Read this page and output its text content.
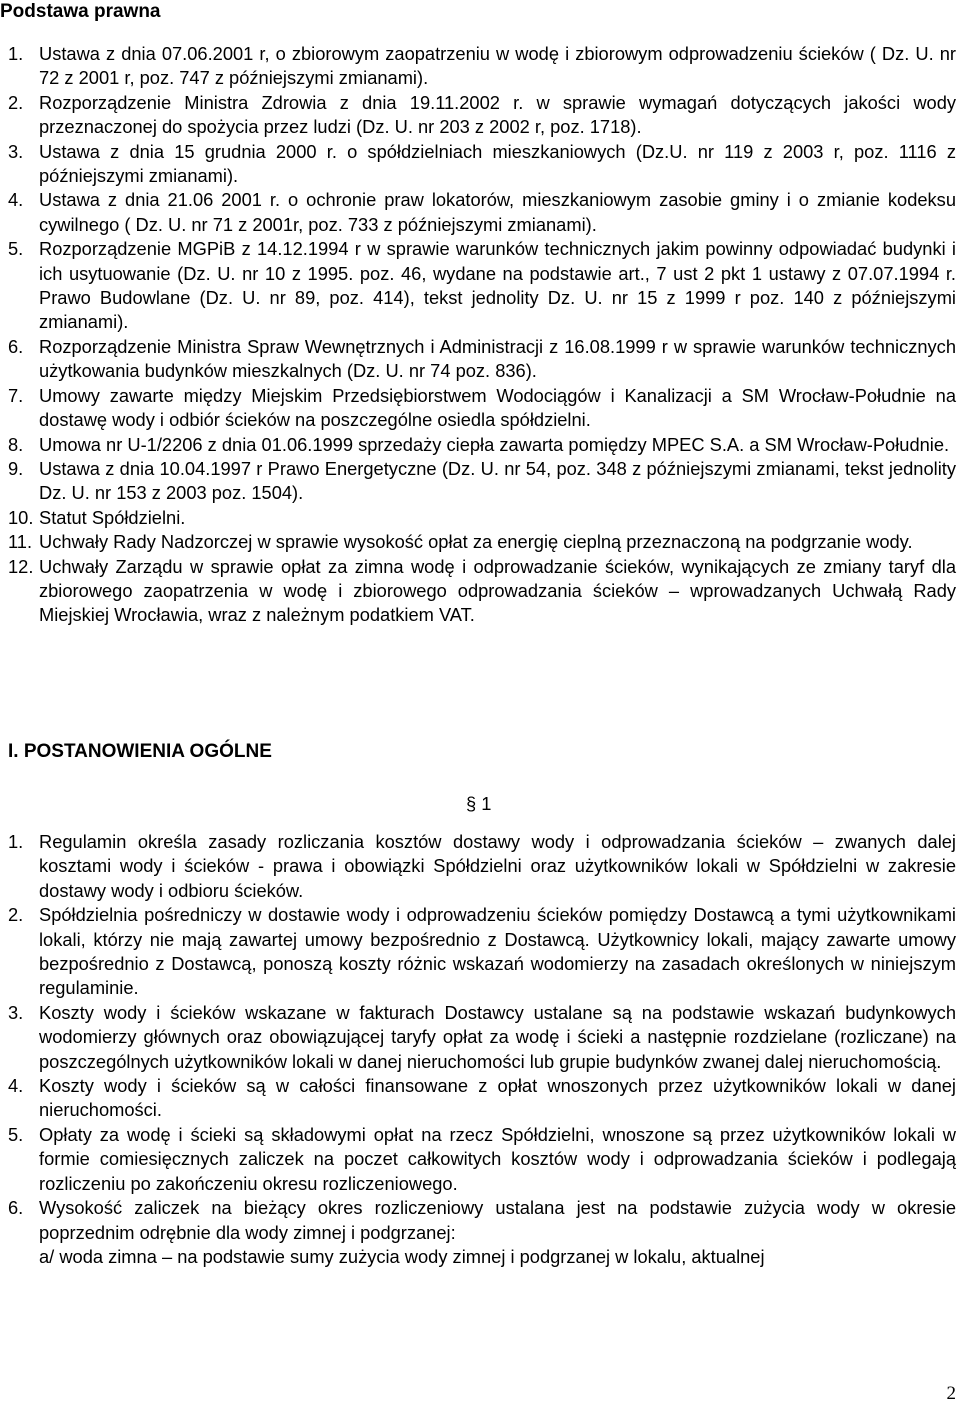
Podstawa prawna
1. Ustawa z dnia 07.06.2001 r, o zbiorowym zaopatrzeniu w wodę i zbiorowym odprowadzeniu ścieków ( Dz. U. nr 72 z 2001 r, poz. 747 z późniejszymi zmianami).
2. Rozporządzenie Ministra Zdrowia z dnia 19.11.2002 r. w sprawie wymagań dotyczących jakości wody przeznaczonej do spożycia przez ludzi (Dz. U. nr 203 z 2002 r, poz. 1718).
3. Ustawa z dnia 15 grudnia 2000 r. o spółdzielniach mieszkaniowych (Dz.U. nr 119 z 2003 r, poz. 1116 z późniejszymi zmianami).
4. Ustawa z dnia 21.06 2001 r. o ochronie praw lokatorów, mieszkaniowym zasobie gminy i o zmianie kodeksu cywilnego ( Dz. U. nr 71 z 2001r, poz. 733 z późniejszymi zmianami).
5. Rozporządzenie MGPiB z 14.12.1994 r w sprawie warunków technicznych jakim powinny odpowiadać budynki i ich usytuowanie (Dz. U. nr 10 z 1995. poz. 46, wydane na podstawie art., 7 ust 2 pkt 1 ustawy z 07.07.1994 r. Prawo Budowlane (Dz. U. nr 89, poz. 414), tekst jednolity Dz. U. nr 15 z 1999 r poz. 140 z późniejszymi zmianami).
6. Rozporządzenie Ministra Spraw Wewnętrznych i Administracji z 16.08.1999 r w sprawie warunków technicznych użytkowania budynków mieszkalnych (Dz. U. nr 74 poz. 836).
7. Umowy zawarte między Miejskim Przedsiębiorstwem Wodociągów i Kanalizacji a SM Wrocław-Południe na dostawę wody i odbiór ścieków na poszczególne osiedla spółdzielni.
8. Umowa nr U-1/2206 z dnia 01.06.1999 sprzedaży ciepła zawarta pomiędzy MPEC S.A. a SM Wrocław-Południe.
9. Ustawa z dnia 10.04.1997 r Prawo Energetyczne (Dz. U. nr 54, poz. 348 z późniejszymi zmianami, tekst jednolity Dz. U. nr 153 z 2003 poz. 1504).
10. Statut Spółdzielni.
11. Uchwały Rady Nadzorczej w sprawie wysokość opłat za energię cieplną przeznaczoną na podgrzanie wody.
12. Uchwały Zarządu w sprawie opłat za zimna wodę i odprowadzanie ścieków, wynikających ze zmiany taryf dla zbiorowego zaopatrzenia w wodę i zbiorowego odprowadzania ścieków – wprowadzanych Uchwałą Rady Miejskiej Wrocławia, wraz z należnym podatkiem VAT.
I. POSTANOWIENIA OGÓLNE
§ 1
1. Regulamin określa zasady rozliczania kosztów dostawy wody i odprowadzania ścieków – zwanych dalej kosztami wody i ścieków - prawa i obowiązki Spółdzielni oraz użytkowników lokali w Spółdzielni w zakresie dostawy wody i odbioru ścieków.
2. Spółdzielnia pośredniczy w dostawie wody i odprowadzeniu ścieków pomiędzy Dostawcą a tymi użytkownikami lokali, którzy nie mają zawartej umowy bezpośrednio z Dostawcą. Użytkownicy lokali, mający zawarte umowy bezpośrednio z Dostawcą, ponoszą koszty różnic wskazań wodomierzy na zasadach określonych w niniejszym regulaminie.
3. Koszty wody i ścieków wskazane w fakturach Dostawcy ustalane są na podstawie wskazań budynkowych wodomierzy głównych oraz obowiązującej taryfy opłat za wodę i ścieki a następnie rozdzielane (rozliczane) na poszczególnych użytkowników lokali w danej nieruchomości lub grupie budynków zwanej dalej nieruchomością.
4. Koszty wody i ścieków są w całości finansowane z opłat wnoszonych przez użytkowników lokali w danej nieruchomości.
5. Opłaty za wodę i ścieki są składowymi opłat na rzecz Spółdzielni, wnoszone są przez użytkowników lokali w formie comiesięcznych zaliczek na poczet całkowitych kosztów wody i odprowadzania ścieków i podlegają rozliczeniu po zakończeniu okresu rozliczeniowego.
6. Wysokość zaliczek na bieżący okres rozliczeniowy ustalana jest na podstawie zużycia wody w okresie poprzednim odrębnie dla wody zimnej i podgrzanej:
a/ woda zimna – na podstawie sumy zużycia wody zimnej i podgrzanej w lokalu, aktualnej
2
